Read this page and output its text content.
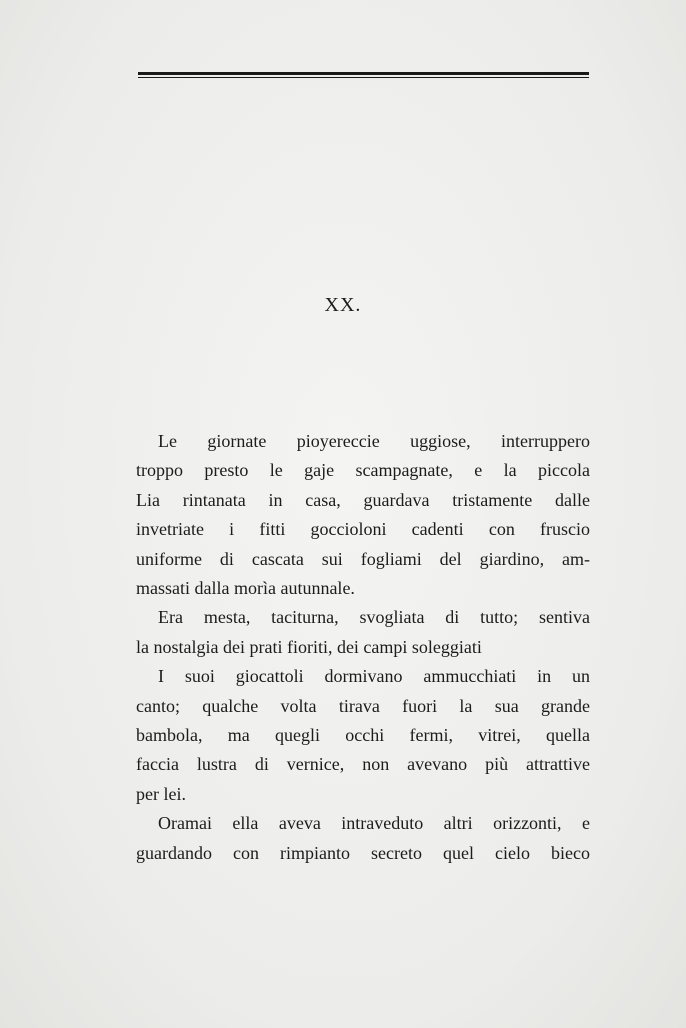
XX.
Le giornate pioyereccie uggiose, interruppero
troppo presto le gaje scampagnate, e la piccola
Lia rintanata in casa, guardava tristamente dalle
invetriate i fitti goccioloni cadenti con fruscio
uniforme di cascata sui fogliami del giardino, am-
massati dalla morìa autunnale.
Era mesta, taciturna, svogliata di tutto; sentiva
la nostalgia dei prati fioriti, dei campi soleggiati
I suoi giocattoli dormivano ammucchiati in un
canto; qualche volta tirava fuori la sua grande
bambola, ma quegli occhi fermi, vitrei, quella
faccia lustra di vernice, non avevano più attrattive
per lei.
Oramai ella aveva intraveduto altri orizzonti, e
guardando con rimpianto secreto quel cielo bieco
